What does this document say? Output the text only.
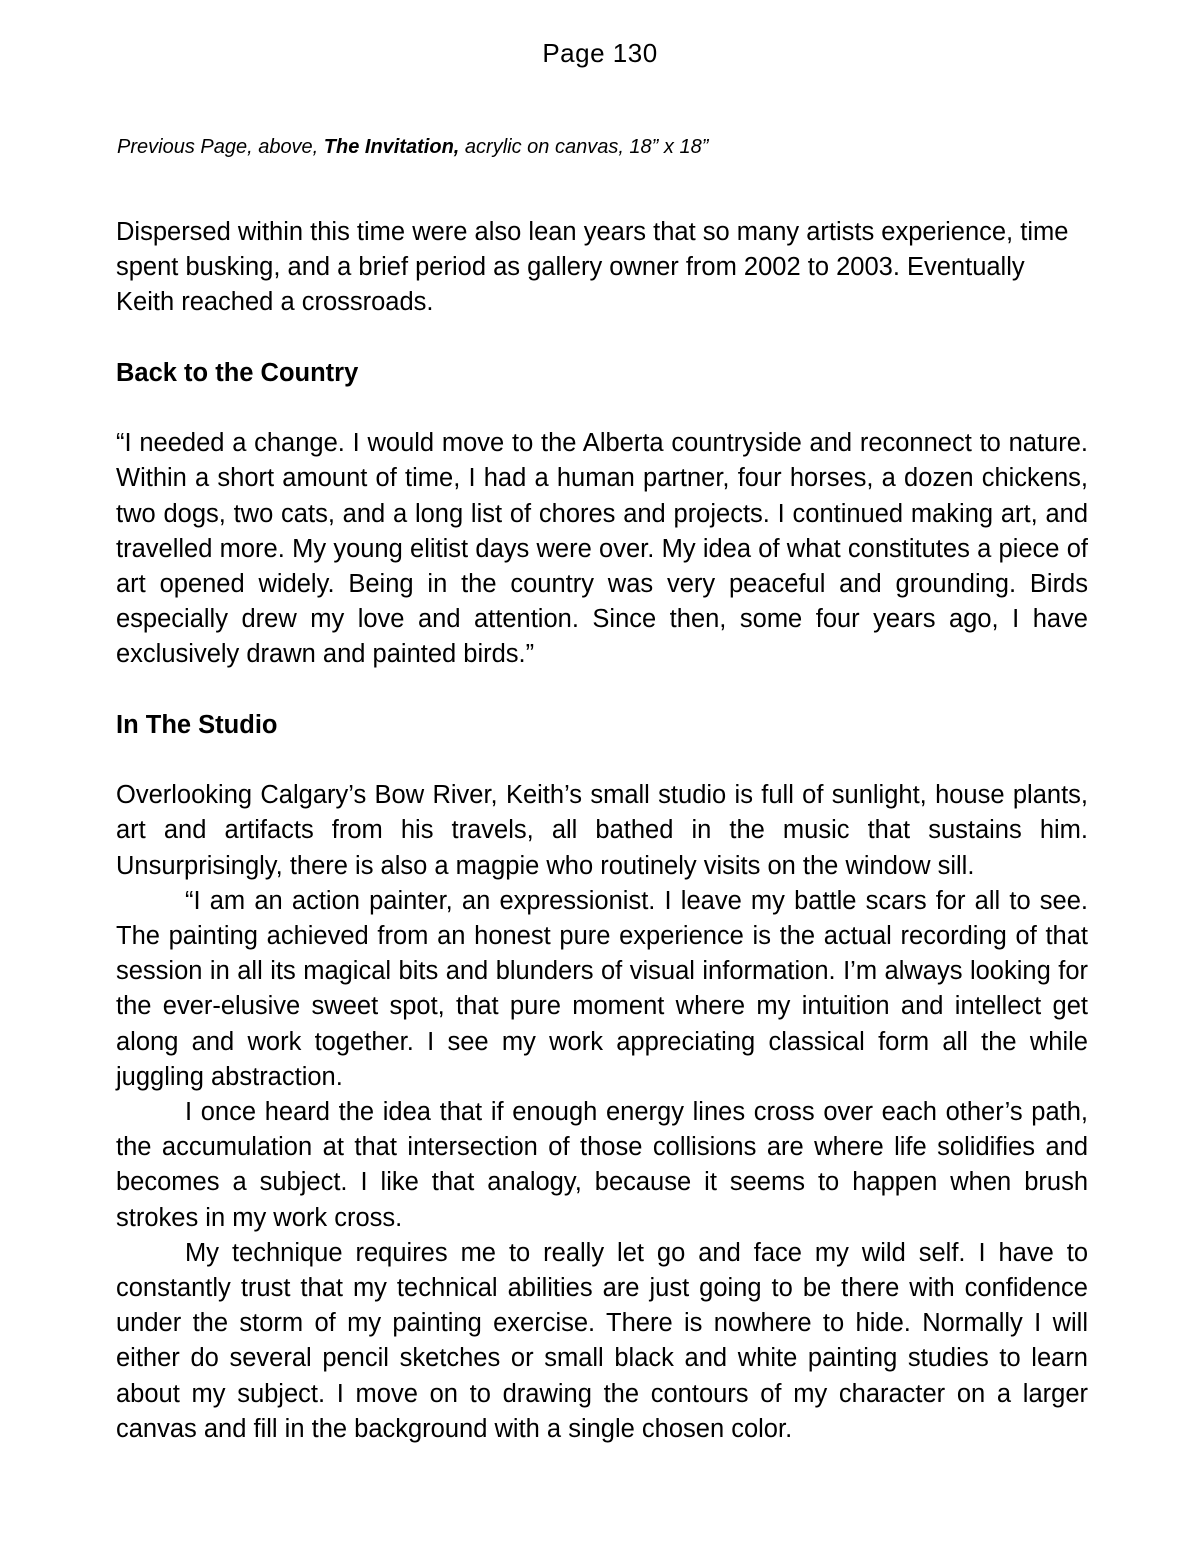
Page 130
Previous Page, above, The Invitation, acrylic on canvas, 18” x 18”

Dispersed within this time were also lean years that so many artists experience, time spent busking, and a brief period as gallery owner from 2002 to 2003. Eventually Keith reached a crossroads.

Back to the Country

“I needed a change. I would move to the Alberta countryside and reconnect to nature. Within a short amount of time, I had a human partner, four horses, a dozen chickens, two dogs, two cats, and a long list of chores and projects. I continued making art, and travelled more. My young elitist days were over. My idea of what constitutes a piece of art opened widely. Being in the country was very peaceful and grounding. Birds especially drew my love and attention. Since then, some four years ago, I have exclusively drawn and painted birds.”

In The Studio

Overlooking Calgary’s Bow River, Keith’s small studio is full of sunlight, house plants, art and artifacts from his travels, all bathed in the music that sustains him. Unsurprisingly, there is also a magpie who routinely visits on the window sill.

“I am an action painter, an expressionist. I leave my battle scars for all to see. The painting achieved from an honest pure experience is the actual recording of that session in all its magical bits and blunders of visual information. I’m always looking for the ever-elusive sweet spot, that pure moment where my intuition and intellect get along and work together. I see my work appreciating classical form all the while juggling abstraction.

I once heard the idea that if enough energy lines cross over each other’s path, the accumulation at that intersection of those collisions are where life solidifies and becomes a subject. I like that analogy, because it seems to happen when brush strokes in my work cross.

My technique requires me to really let go and face my wild self. I have to constantly trust that my technical abilities are just going to be there with confidence under the storm of my painting exercise. There is nowhere to hide. Normally I will either do several pencil sketches or small black and white painting studies to learn about my subject. I move on to drawing the contours of my character on a larger canvas and fill in the background with a single chosen color.
